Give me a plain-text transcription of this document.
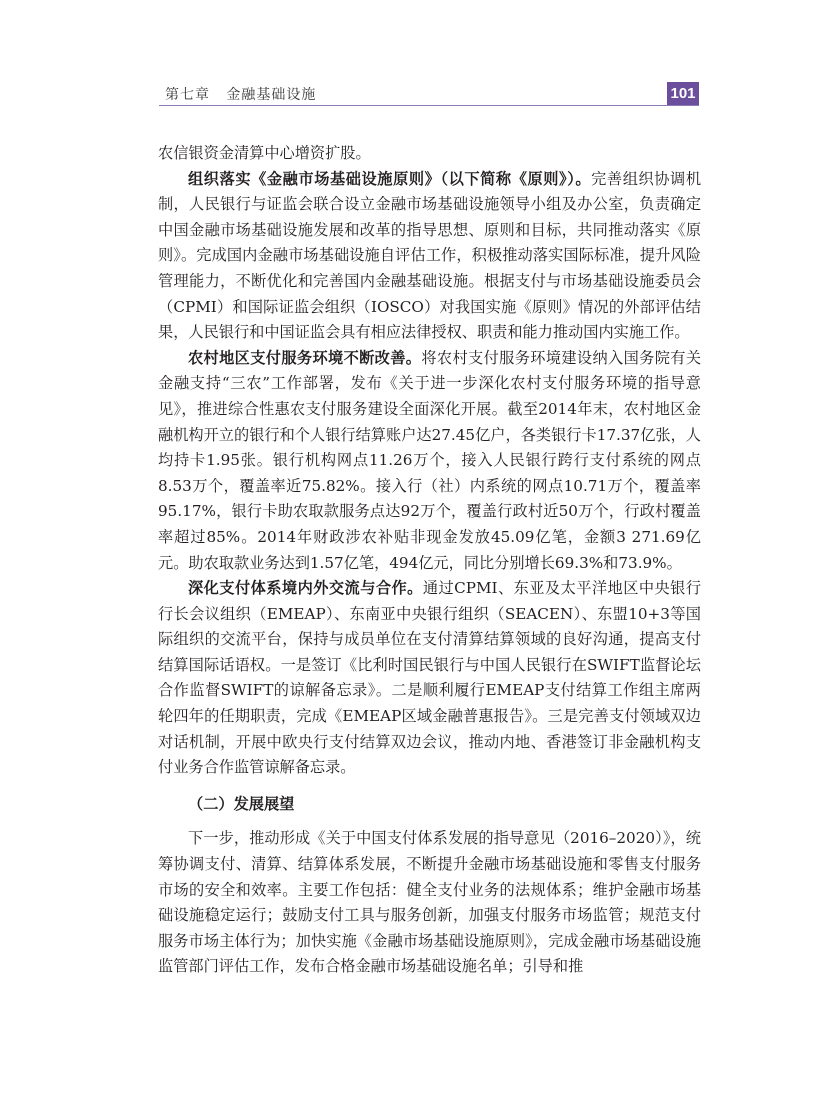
第七章 金融基础设施	101

农信银资金清算中心增资扩股。

组织落实《金融市场基础设施原则》（以下简称《原则》）。完善组织协调机制，人民银行与证监会联合设立金融市场基础设施领导小组及办公室，负责确定中国金融市场基础设施发展和改革的指导思想、原则和目标，共同推动落实《原则》。完成国内金融市场基础设施自评估工作，积极推动落实国际标准，提升风险管理能力，不断优化和完善国内金融基础设施。根据支付与市场基础设施委员会（CPMI）和国际证监会组织（IOSCO）对我国实施《原则》情况的外部评估结果，人民银行和中国证监会具有相应法律授权、职责和能力推动国内实施工作。

农村地区支付服务环境不断改善。将农村支付服务环境建设纳入国务院有关金融支持“三农”工作部署，发布《关于进一步深化农村支付服务环境的指导意见》，推进综合性惠农支付服务建设全面深化开展。截至2014年末，农村地区金融机构开立的银行和个人银行结算账户达27.45亿户，各类银行卡17.37亿张，人均持卡1.95张。银行机构网点11.26万个，接入人民银行跨行支付系统的网点8.53万个，覆盖率近75.82%。接入行（社）内系统的网点10.71万个，覆盖率95.17%，银行卡助农取款服务点达92万个，覆盖行政村近50万个，行政村覆盖率超过85%。2014年财政涉农补贴非现金发放45.09亿笔，金额3 271.69亿元。助农取款业务达到1.57亿笔，494亿元，同比分别增长69.3%和73.9%。

深化支付体系境内外交流与合作。通过CPMI、东亚及太平洋地区中央银行行长会议组织（EMEAP）、东南亚中央银行组织（SEACEN）、东盟10+3等国际组织的交流平台，保持与成员单位在支付清算结算领域的良好沟通，提高支付结算国际话语权。一是签订《比利时国民银行与中国人民银行在SWIFT监督论坛合作监督SWIFT的谅解备忘录》。二是顺利履行EMEAP支付结算工作组主席两轮四年的任期职责，完成《EMEAP区域金融普惠报告》。三是完善支付领域双边对话机制，开展中欧央行支付结算双边会议，推动内地、香港签订非金融机构支付业务合作监管谅解备忘录。

（二）发展展望

下一步，推动形成《关于中国支付体系发展的指导意见（2016–2020）》，统筹协调支付、清算、结算体系发展，不断提升金融市场基础设施和零售支付服务市场的安全和效率。主要工作包括：健全支付业务的法规体系；维护金融市场基础设施稳定运行；鼓励支付工具与服务创新，加强支付服务市场监管；规范支付服务市场主体行为；加快实施《金融市场基础设施原则》，完成金融市场基础设施监管部门评估工作，发布合格金融市场基础设施名单；引导和推
